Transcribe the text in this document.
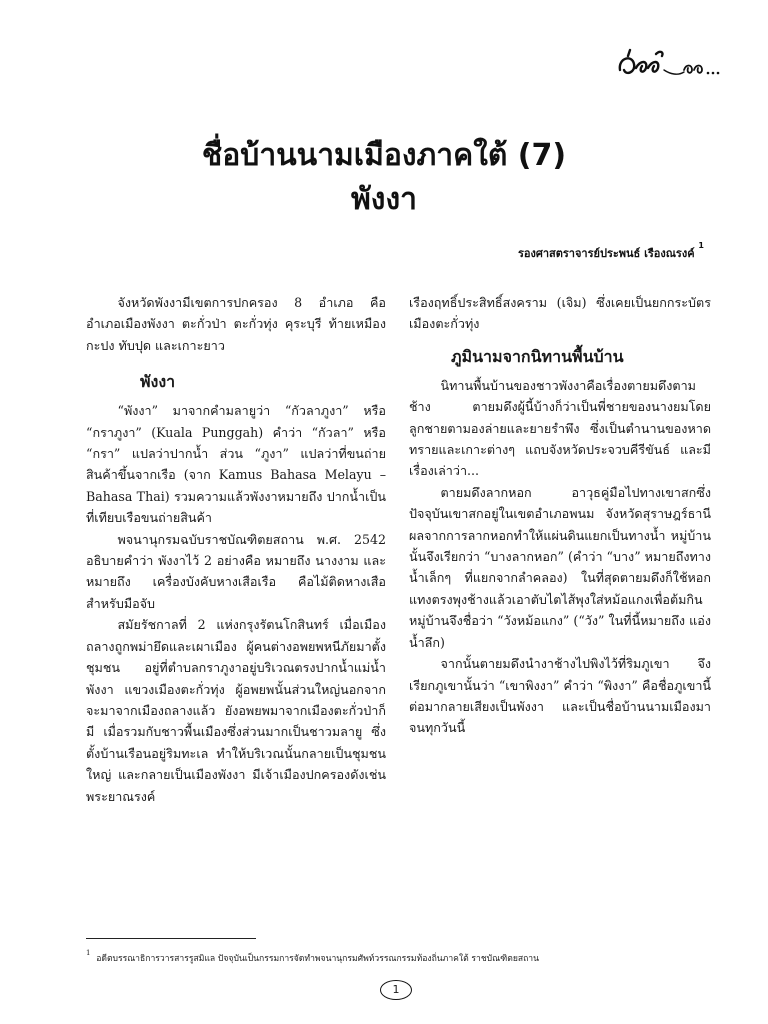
ชื่อบ้านนามเมืองภาคใต้ (7)
พังงา
รองศาสตราจารย์ประพนธ์ เรืองณรงค์ $^1$

จังหวัดพังงามีเขตการปกครอง 8 อำเภอ คือ อำเภอเมืองพังงา ตะกั่วป่า ตะกั่วทุ่ง คุระบุรี ท้ายเหมือง กะปง ทับปุด และเกาะยาว

พังงา

“พังงา” มาจากคำมลายูว่า “กัวลาภูงา” หรือ “กราภูงา” (Kuala Punggah) คำว่า “กัวลา” หรือ “กรา” แปลว่าปากน้ำ ส่วน “ภูงา” แปลว่าที่ขนถ่ายสินค้าขึ้นจากเรือ (จาก Kamus Bahasa Melayu – Bahasa Thai) รวมความแล้วพังงาหมายถึง ปากน้ำเป็นที่เทียบเรือขนถ่ายสินค้า

พจนานุกรมฉบับราชบัณฑิตยสถาน พ.ศ. 2542 อธิบายคำว่า พังงาไว้ 2 อย่างคือ หมายถึง นางงาม และหมายถึง เครื่องบังคับหางเสือเรือ คือไม้ติดหางเสือสำหรับมือจับ

สมัยรัชกาลที่ 2 แห่งกรุงรัตนโกสินทร์ เมื่อเมืองถลางถูกพม่ายึดและเผาเมือง ผู้คนต่างอพยพหนีภัยมาตั้งชุมชน อยู่ที่ตำบลกราภูงาอยู่บริเวณตรงปากน้ำแม่น้ำพังงา แขวงเมืองตะกั่วทุ่ง ผู้อพยพนั้นส่วนใหญ่นอกจากจะมาจากเมืองถลางแล้ว ยังอพยพมาจากเมืองตะกั่วป่าก็มี เมื่อรวมกับชาวพื้นเมืองซึ่งส่วนมากเป็นชาวมลายู ซึ่งตั้งบ้านเรือนอยู่ริมทะเล ทำให้บริเวณนั้นกลายเป็นชุมชนใหญ่ และกลายเป็นเมืองพังงา มีเจ้าเมืองปกครองดังเช่น พระยาณรงค์

เรืองฤทธิ์ประสิทธิ์สงคราม (เจิม) ซึ่งเคยเป็นยกกระบัตรเมืองตะกั่วทุ่ง

ภูมินามจากนิทานพื้นบ้าน

นิทานพื้นบ้านของชาวพังงาคือเรื่องตายมดึงตามช้าง ตายมดึงผู้นี้บ้างก็ว่าเป็นพี่ชายของนางยมโดยลูกชายตามองล่ายและยายรำพึง ซึ่งเป็นตำนานของหาดทรายและเกาะต่างๆ แถบจังหวัดประจวบคีรีขันธ์ และมีเรื่องเล่าว่า...

ตายมดึงลากหอก อาวุธคู่มือไปทางเขาสกซึ่งปัจจุบันเขาสกอยู่ในเขตอำเภอพนม จังหวัดสุราษฎร์ธานี ผลจากการลากหอกทำให้แผ่นดินแยกเป็นทางน้ำ หมู่บ้านนั้นจึงเรียกว่า “บางลากหอก” (คำว่า “บาง” หมายถึงทางน้ำเล็กๆ ที่แยกจากลำคลอง) ในที่สุดตายมดึงก็ใช้หอกแทงตรงพุงช้างแล้วเอาตับไตไส้พุงใส่หม้อแกงเพื่อต้มกิน หมู่บ้านจึงชื่อว่า “วังหม้อแกง” (“วัง” ในที่นี้หมายถึง แอ่งน้ำลึก)

จากนั้นตายมดึงนำงาช้างไปพิงไว้ที่ริมภูเขา จึงเรียกภูเขานั้นว่า “เขาพิงงา” คำว่า “พิงงา” คือชื่อภูเขานี้ต่อมากลายเสียงเป็นพังงา และเป็นชื่อบ้านนามเมืองมาจนทุกวันนี้

$^1$ อดีตบรรณาธิการวารสารรูสมิแล ปัจจุบันเป็นกรรมการจัดทำพจนานุกรมศัพท์วรรณกรรมท้องถิ่นภาคใต้ ราชบัณฑิตยสถาน
1
